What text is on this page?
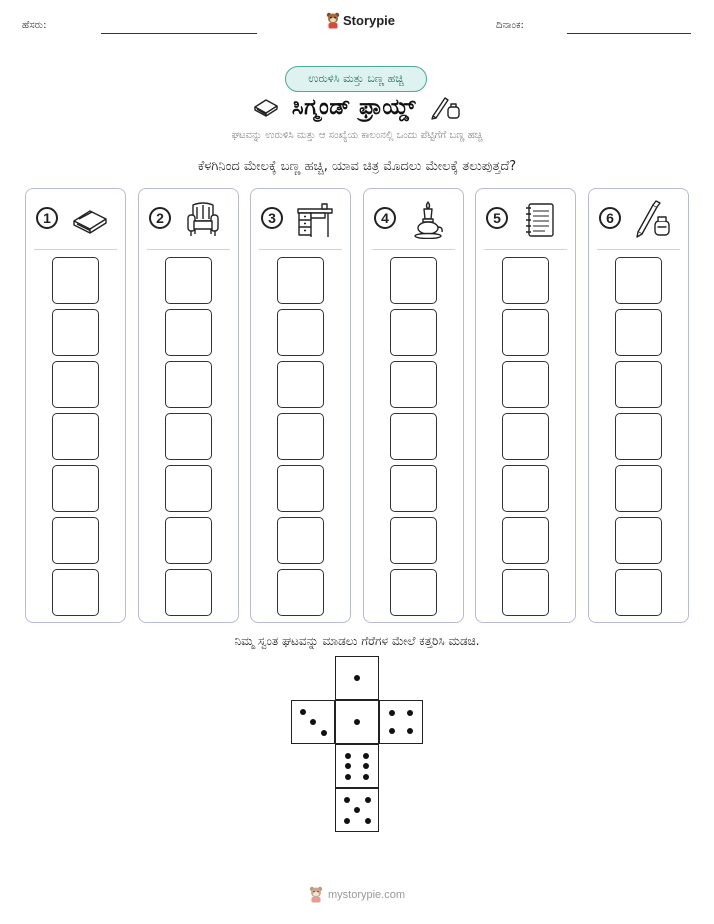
ಹೆಸರು:	Storypie	ದಿನಾಂಕ:
ಉರುಳಿಸಿ ಮತ್ತು ಬಣ್ಣ ಹಚ್ಚಿ
ಸಿಗ್ಮಂಡ್ ಫ್ರಾಯ್ಡ್
ಘಟವನ್ನು ಉರುಳಿಸಿ ಮತ್ತು ಆ ಸಂಖ್ಯೆಯ ಕಾಲಂನಲ್ಲಿ ಒಂದು ಪೆಟ್ಟಿಗೆಗೆ ಬಣ್ಣ ಹಚ್ಚಿ
ಕೆಳಗಿನಿಂದ ಮೇಲಕ್ಕೆ ಬಣ್ಣ ಹಚ್ಚಿ, ಯಾವ ಚಿತ್ರ ಮೊದಲು ಮೇಲಕ್ಕೆ ತಲುಪುತ್ತದೆ?
1	2	3	4	5	6
ನಿಮ್ಮ ಸ್ವಂತ ಘಟವನ್ನು ಮಾಡಲು ಗೆರೆಗಳ ಮೇಲೆ ಕತ್ತರಿಸಿ ಮಡಚಿ.
mystorypie.com
